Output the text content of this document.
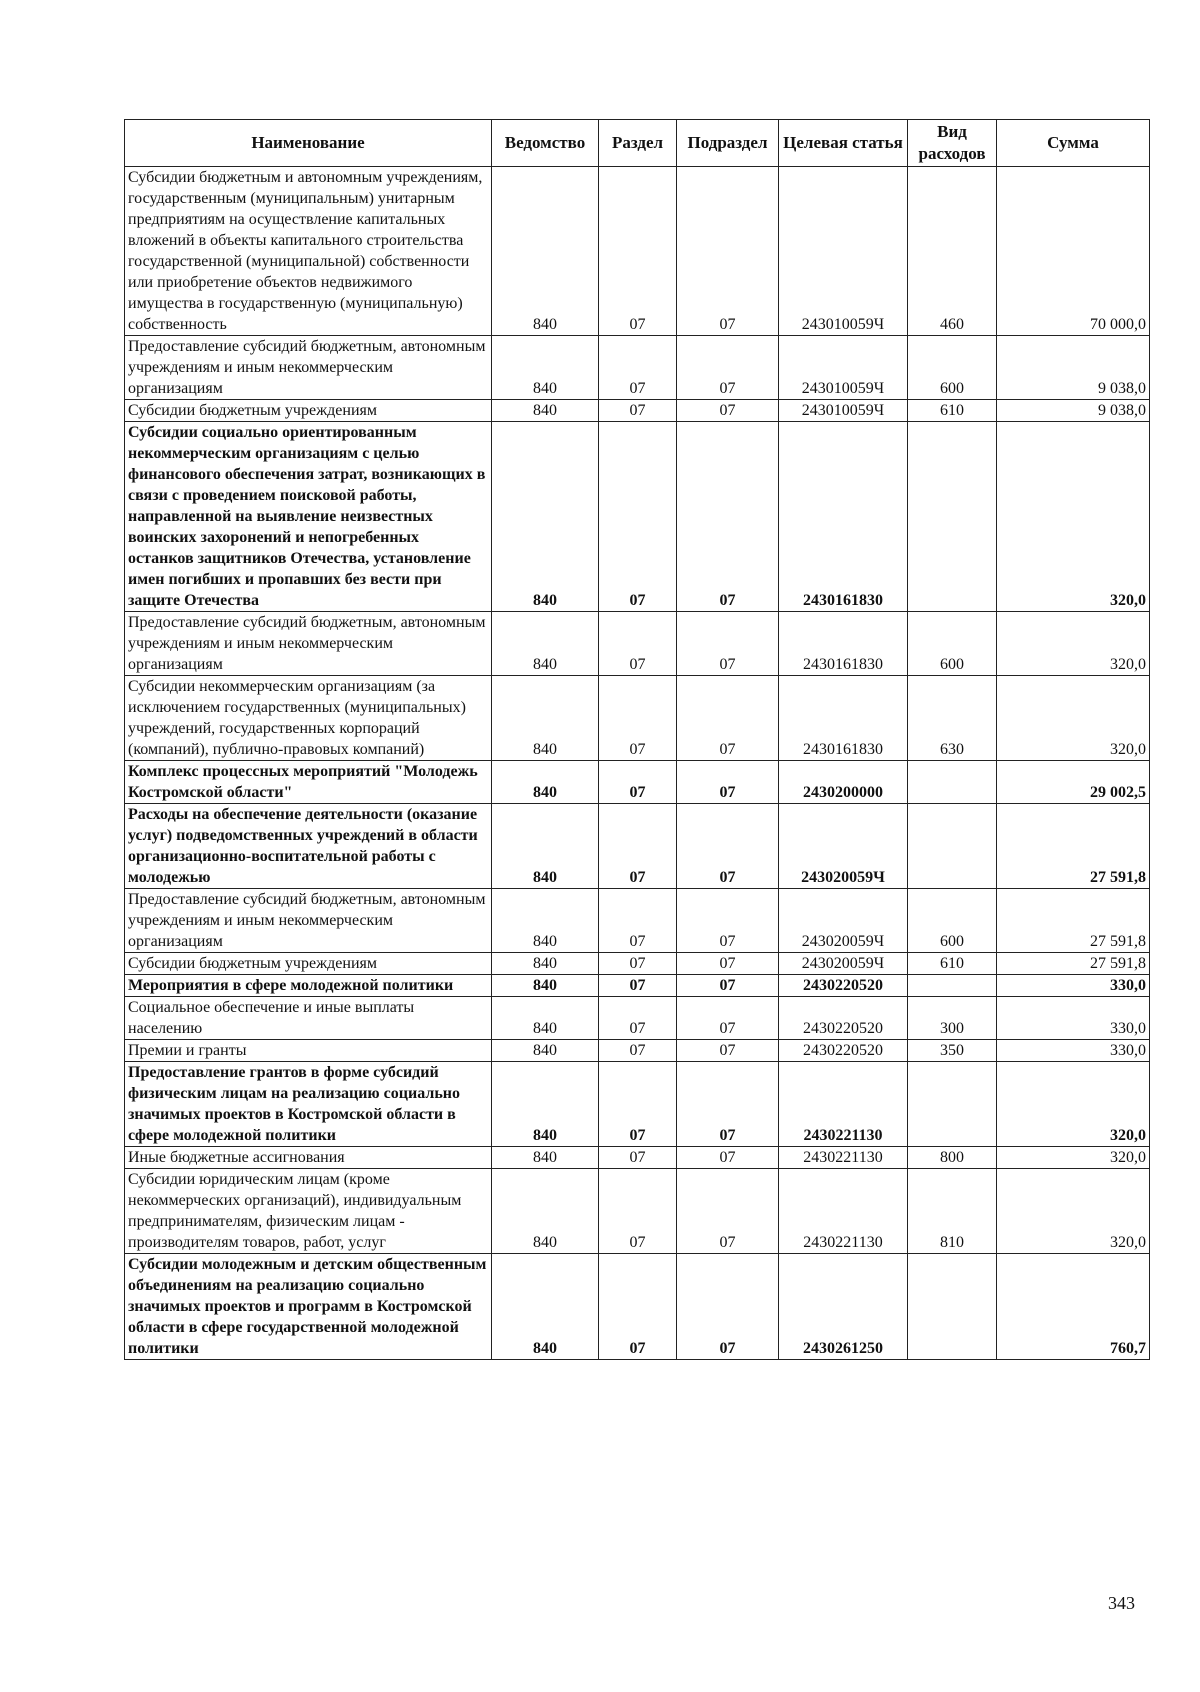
Наименование	Ведомство	Раздел	Подраздел	Целевая статья	Вид расходов	Сумма
Субсидии бюджетным и автономным учреждениям, государственным (муниципальным) унитарным предприятиям на осуществление капитальных вложений в объекты капитального строительства государственной (муниципальной) собственности или приобретение объектов недвижимого имущества в государственную (муниципальную) собственность	840	07	07	243010059Ч	460	70 000,0
Предоставление субсидий бюджетным, автономным учреждениям и иным некоммерческим организациям	840	07	07	243010059Ч	600	9 038,0
Субсидии бюджетным учреждениям	840	07	07	243010059Ч	610	9 038,0
Субсидии социально ориентированным некоммерческим организациям с целью финансового обеспечения затрат, возникающих в связи с проведением поисковой работы, направленной на выявление неизвестных воинских захоронений и непогребенных останков защитников Отечества, установление имен погибших и пропавших без вести при защите Отечества	840	07	07	2430161830		320,0
Предоставление субсидий бюджетным, автономным учреждениям и иным некоммерческим организациям	840	07	07	2430161830	600	320,0
Субсидии некоммерческим организациям (за исключением государственных (муниципальных) учреждений, государственных корпораций (компаний), публично-правовых компаний)	840	07	07	2430161830	630	320,0
Комплекс процессных мероприятий "Молодежь Костромской области"	840	07	07	2430200000		29 002,5
Расходы на обеспечение деятельности (оказание услуг) подведомственных учреждений в области организационно-воспитательной работы с молодежью	840	07	07	243020059Ч		27 591,8
Предоставление субсидий бюджетным, автономным учреждениям и иным некоммерческим организациям	840	07	07	243020059Ч	600	27 591,8
Субсидии бюджетным учреждениям	840	07	07	243020059Ч	610	27 591,8
Мероприятия в сфере молодежной политики	840	07	07	2430220520		330,0
Социальное обеспечение и иные выплаты населению	840	07	07	2430220520	300	330,0
Премии и гранты	840	07	07	2430220520	350	330,0
Предоставление грантов в форме субсидий физическим лицам на реализацию социально значимых проектов в Костромской области в сфере молодежной политики	840	07	07	2430221130		320,0
Иные бюджетные ассигнования	840	07	07	2430221130	800	320,0
Субсидии юридическим лицам (кроме некоммерческих организаций), индивидуальным предпринимателям, физическим лицам - производителям товаров, работ, услуг	840	07	07	2430221130	810	320,0
Субсидии молодежным и детским общественным объединениям на реализацию социально значимых проектов и программ в Костромской области в сфере государственной молодежной политики	840	07	07	2430261250		760,7
343
